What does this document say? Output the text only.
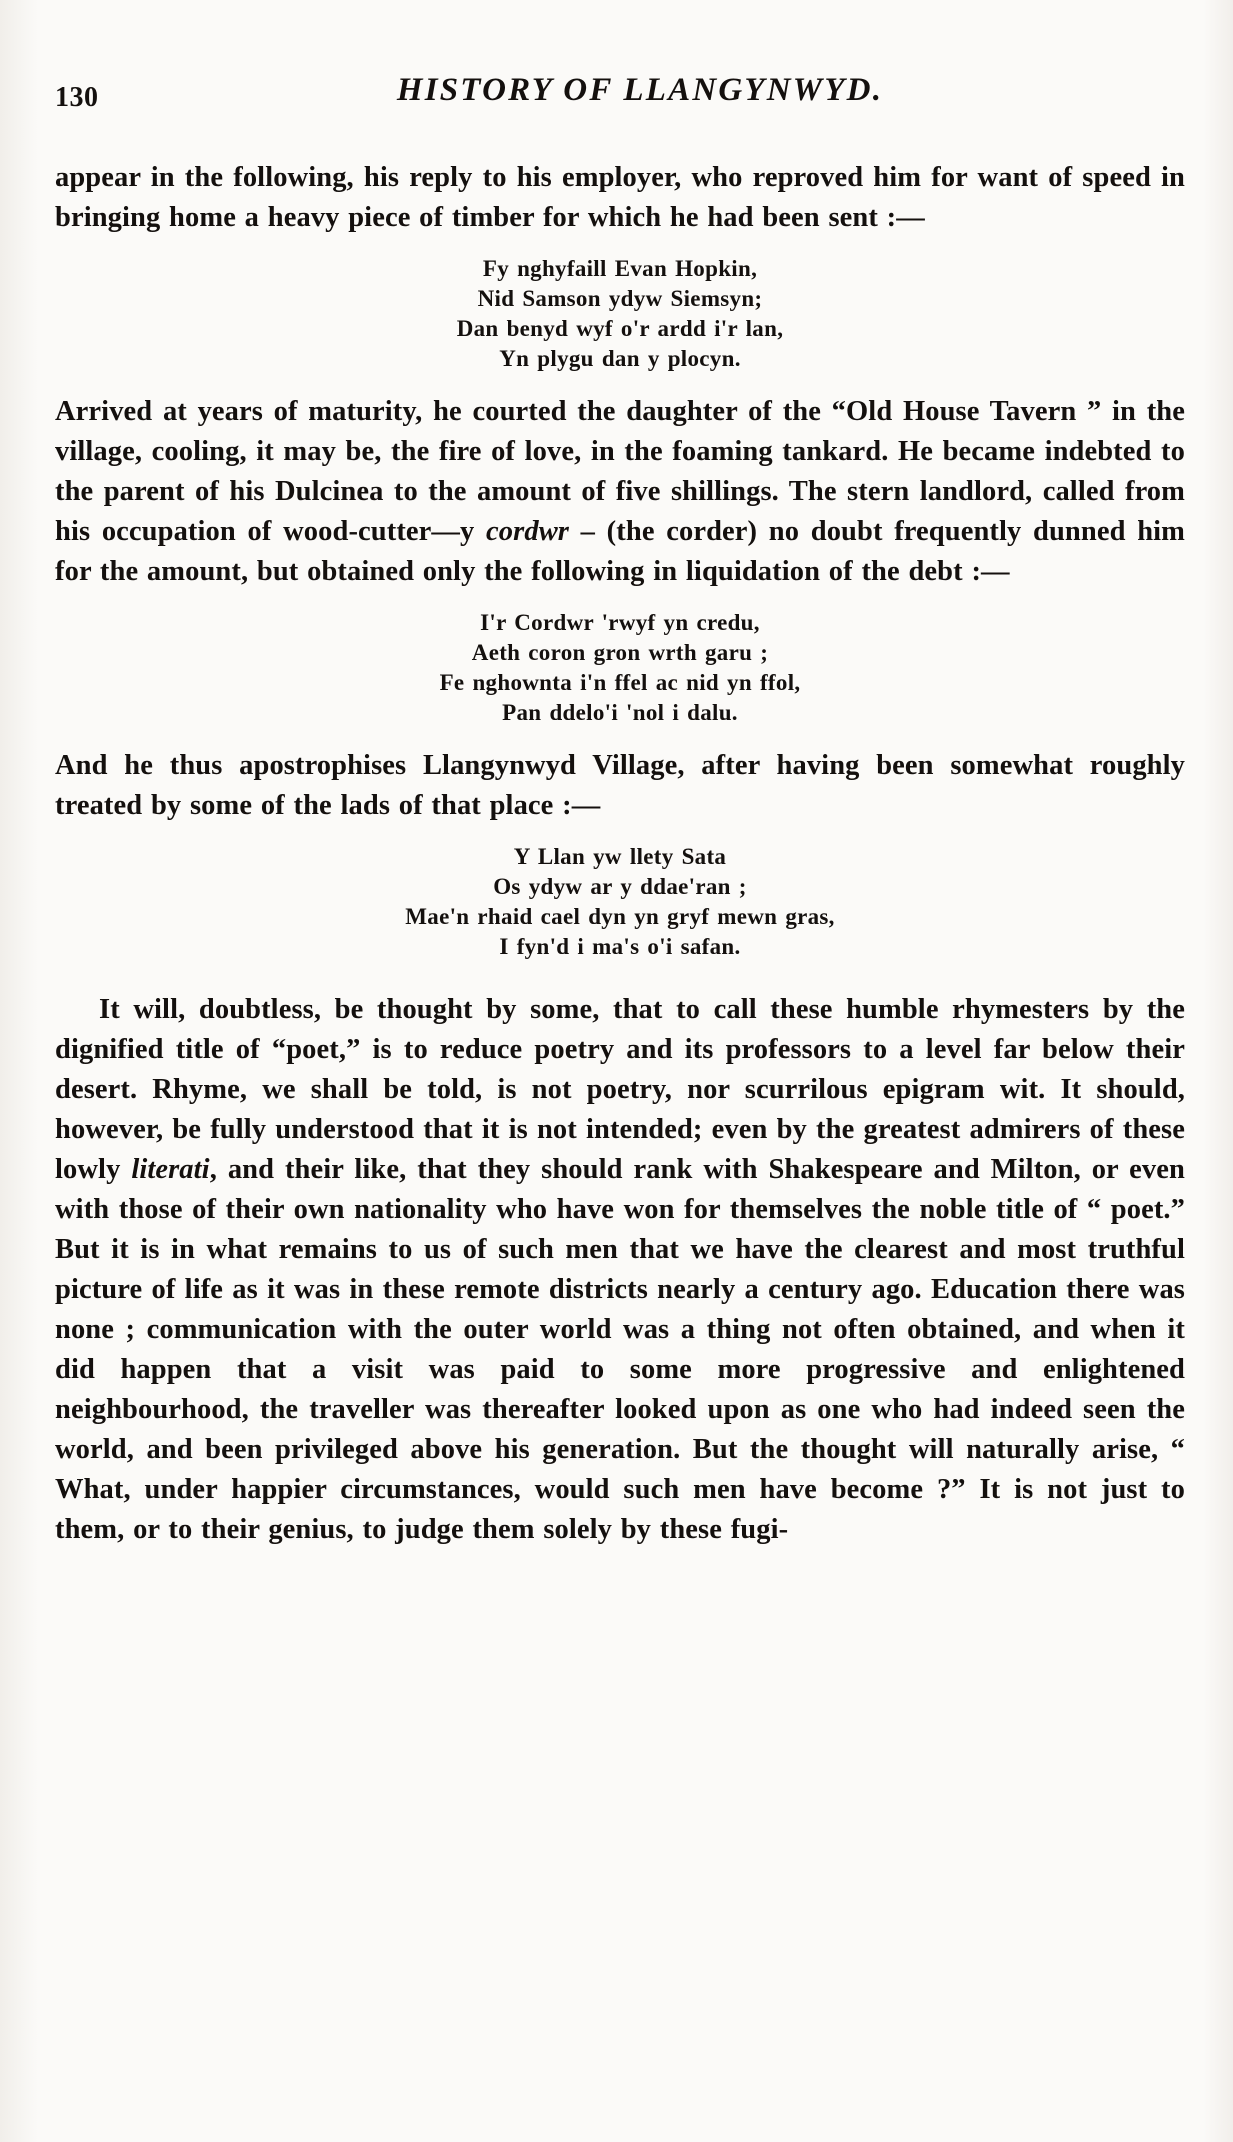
130	HISTORY OF LLANGYNWYD.

appear in the following, his reply to his employer, who reproved him for want of speed in bringing home a heavy piece of timber for which he had been sent :—

Fy nghyfaill Evan Hopkin,
Nid Samson ydyw Siemsyn;
Dan benyd wyf o'r ardd i'r lan,
Yn plygu dan y plocyn.

Arrived at years of maturity, he courted the daughter of the “Old House Tavern ” in the village, cooling, it may be, the fire of love, in the foaming tankard. He became indebted to the parent of his Dulcinea to the amount of five shillings. The stern landlord, called from his occupation of wood-cutter—y cordwr – (the corder) no doubt frequently dunned him for the amount, but obtained only the following in liquidation of the debt :—

I'r Cordwr 'rwyf yn credu,
Aeth coron gron wrth garu ;
Fe nghownta i'n ffel ac nid yn ffol,
Pan ddelo'i 'nol i dalu.

And he thus apostrophises Llangynwyd Village, after having been somewhat roughly treated by some of the lads of that place :—

Y Llan yw llety Sata
Os ydyw ar y ddae'ran ;
Mae'n rhaid cael dyn yn gryf mewn gras,
I fyn'd i ma's o'i safan.

It will, doubtless, be thought by some, that to call these humble rhymesters by the dignified title of “poet,” is to reduce poetry and its professors to a level far below their desert. Rhyme, we shall be told, is not poetry, nor scurrilous epigram wit. It should, however, be fully understood that it is not intended; even by the greatest admirers of these lowly literati, and their like, that they should rank with Shakespeare and Milton, or even with those of their own nationality who have won for themselves the noble title of “ poet.” But it is in what remains to us of such men that we have the clearest and most truthful picture of life as it was in these remote districts nearly a century ago. Education there was none ; communication with the outer world was a thing not often obtained, and when it did happen that a visit was paid to some more progressive and enlightened neighbourhood, the traveller was thereafter looked upon as one who had indeed seen the world, and been privileged above his generation. But the thought will naturally arise, “ What, under happier circumstances, would such men have become ?” It is not just to them, or to their genius, to judge them solely by these fugi-
